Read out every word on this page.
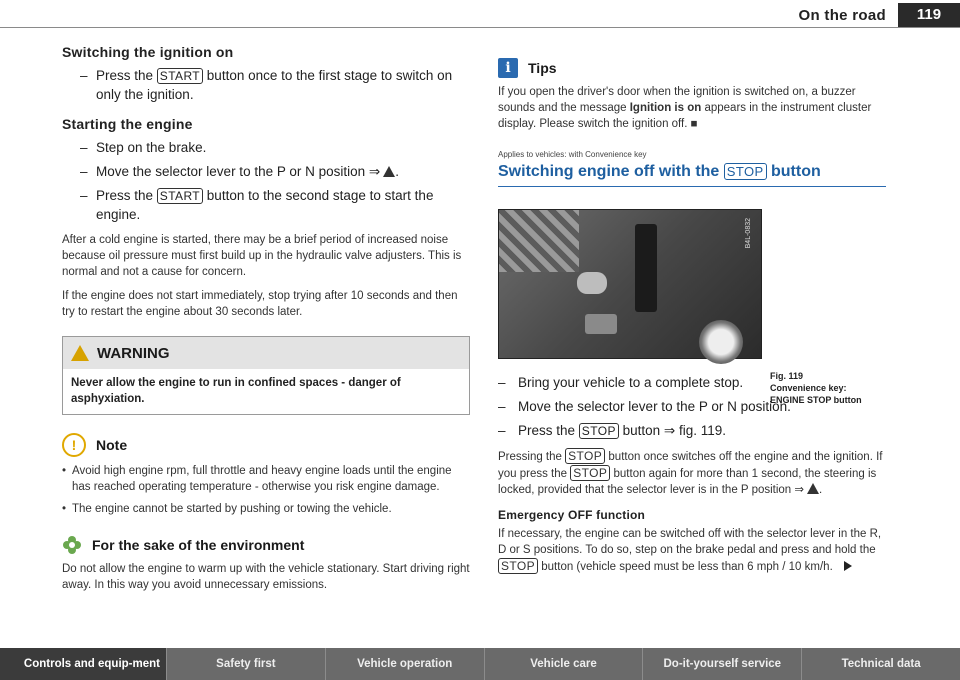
On the road	119
Switching the ignition on
– Press the START button once to the first stage to switch on only the ignition.
Starting the engine
– Step on the brake.
– Move the selector lever to the P or N position ⇒ .
– Press the START button to the second stage to start the engine.

After a cold engine is started, there may be a brief period of increased noise because oil pressure must first build up in the hydraulic valve adjusters. This is normal and not a cause for concern.

If the engine does not start immediately, stop trying after 10 seconds and then try to restart the engine about 30 seconds later.

WARNING
Never allow the engine to run in confined spaces - danger of asphyxiation.
!	Note
• Avoid high engine rpm, full throttle and heavy engine loads until the engine has reached operating temperature - otherwise you risk engine damage.
• The engine cannot be started by pushing or towing the vehicle.
For the sake of the environment

Do not allow the engine to warm up with the vehicle stationary. Start driving right away. In this way you avoid unnecessary emissions.

i	Tips
If you open the driver's door when the ignition is switched on, a buzzer sounds and the message Ignition is on appears in the instrument cluster display. Please switch the ignition off. ■
Applies to vehicles: with Convenience key
Switching engine off with the STOP button
B4L-0832
Fig. 119
Convenience key: ENGINE STOP button
– Bring your vehicle to a complete stop.
– Move the selector lever to the P or N position.
– Press the STOP button ⇒ fig. 119.

Pressing the STOP button once switches off the engine and the ignition. If you press the STOP button again for more than 1 second, the steering is locked, provided that the selector lever is in the P position ⇒ .

Emergency OFF function

If necessary, the engine can be switched off with the selector lever in the R, D or S positions. To do so, step on the brake pedal and press and hold the STOP button (vehicle speed must be less than 6 mph / 10 km/h.

Controls and equip-ment	Safety first	Vehicle operation	Vehicle care	Do-it-yourself service	Technical data
